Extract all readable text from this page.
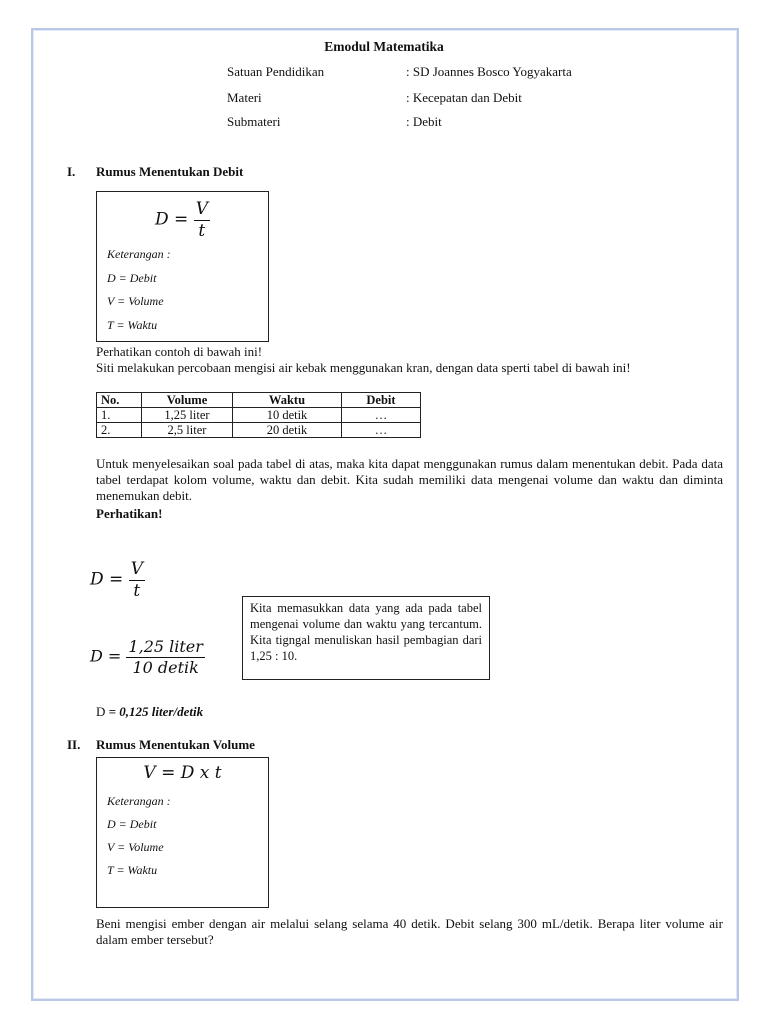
Emodul Matematika
Satuan Pendidikan	: SD Joannes Bosco Yogyakarta
Materi	: Kecepatan dan Debit
Submateri	: Debit
I. Rumus Menentukan Debit
$D = \frac{V}{t}$
Keterangan :
D = Debit
V = Volume
T = Waktu
Perhatikan contoh di bawah ini!
Siti melakukan percobaan mengisi air kebak menggunakan kran, dengan data sperti tabel di bawah ini!
No.	Volume	Waktu	Debit
1.	1,25 liter	10 detik	…
2.	2,5 liter	20 detik	…
Untuk menyelesaikan soal pada tabel di atas, maka kita dapat menggunakan rumus dalam menentukan debit. Pada data tabel terdapat kolom volume, waktu dan debit. Kita sudah memiliki data mengenai volume dan waktu dan diminta menemukan debit.
Perhatikan!
$D = \frac{V}{t}$
$D = \frac{\text{1,25 liter}}{\text{10 detik}}$
Kita memasukkan data yang ada pada tabel mengenai volume dan waktu yang tercantum. Kita tigngal menuliskan hasil pembagian dari 1,25 : 10.
D = 0,125 liter/detik
II. Rumus Menentukan Volume
V = D x t
Keterangan :
D = Debit
V = Volume
T = Waktu
Beni mengisi ember dengan air melalui selang selama 40 detik. Debit selang 300 mL/detik. Berapa liter volume air dalam ember tersebut?
